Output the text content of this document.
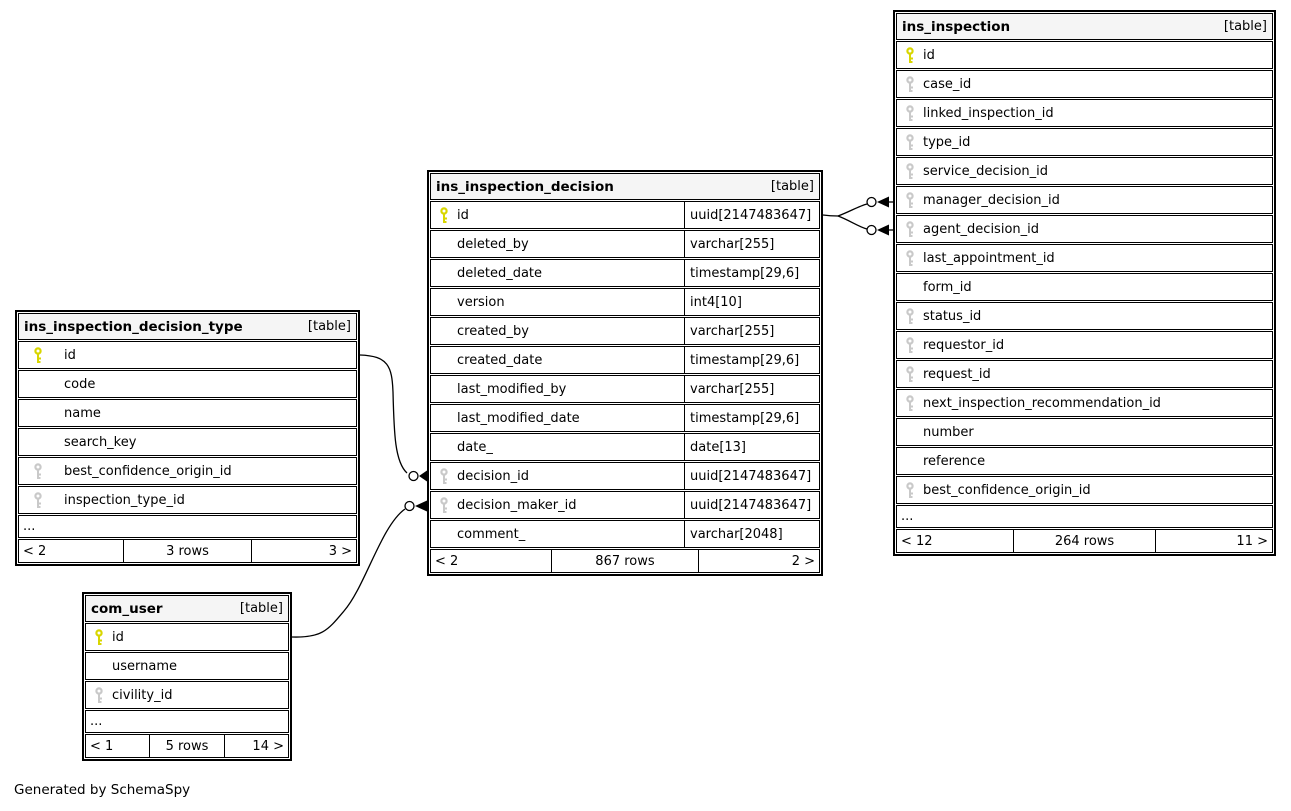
ins_inspection_decision_type	[table]
id
code
name
search_key
best_confidence_origin_id
inspection_type_id
...
< 2	3 rows	3 >
ins_inspection_decision	[table]
id	uuid[2147483647]
deleted_by	varchar[255]
deleted_date	timestamp[29,6]
version	int4[10]
created_by	varchar[255]
created_date	timestamp[29,6]
last_modified_by	varchar[255]
last_modified_date	timestamp[29,6]
date_	date[13]
decision_id	uuid[2147483647]
decision_maker_id	uuid[2147483647]
comment_	varchar[2048]
< 2	867 rows	2 >
ins_inspection	[table]
id
case_id
linked_inspection_id
type_id
service_decision_id
manager_decision_id
agent_decision_id
last_appointment_id
form_id
status_id
requestor_id
request_id
next_inspection_recommendation_id
number
reference
best_confidence_origin_id
...
< 12	264 rows	11 >
com_user	[table]
id
username
civility_id
...
< 1	5 rows	14 >
Generated by SchemaSpy
